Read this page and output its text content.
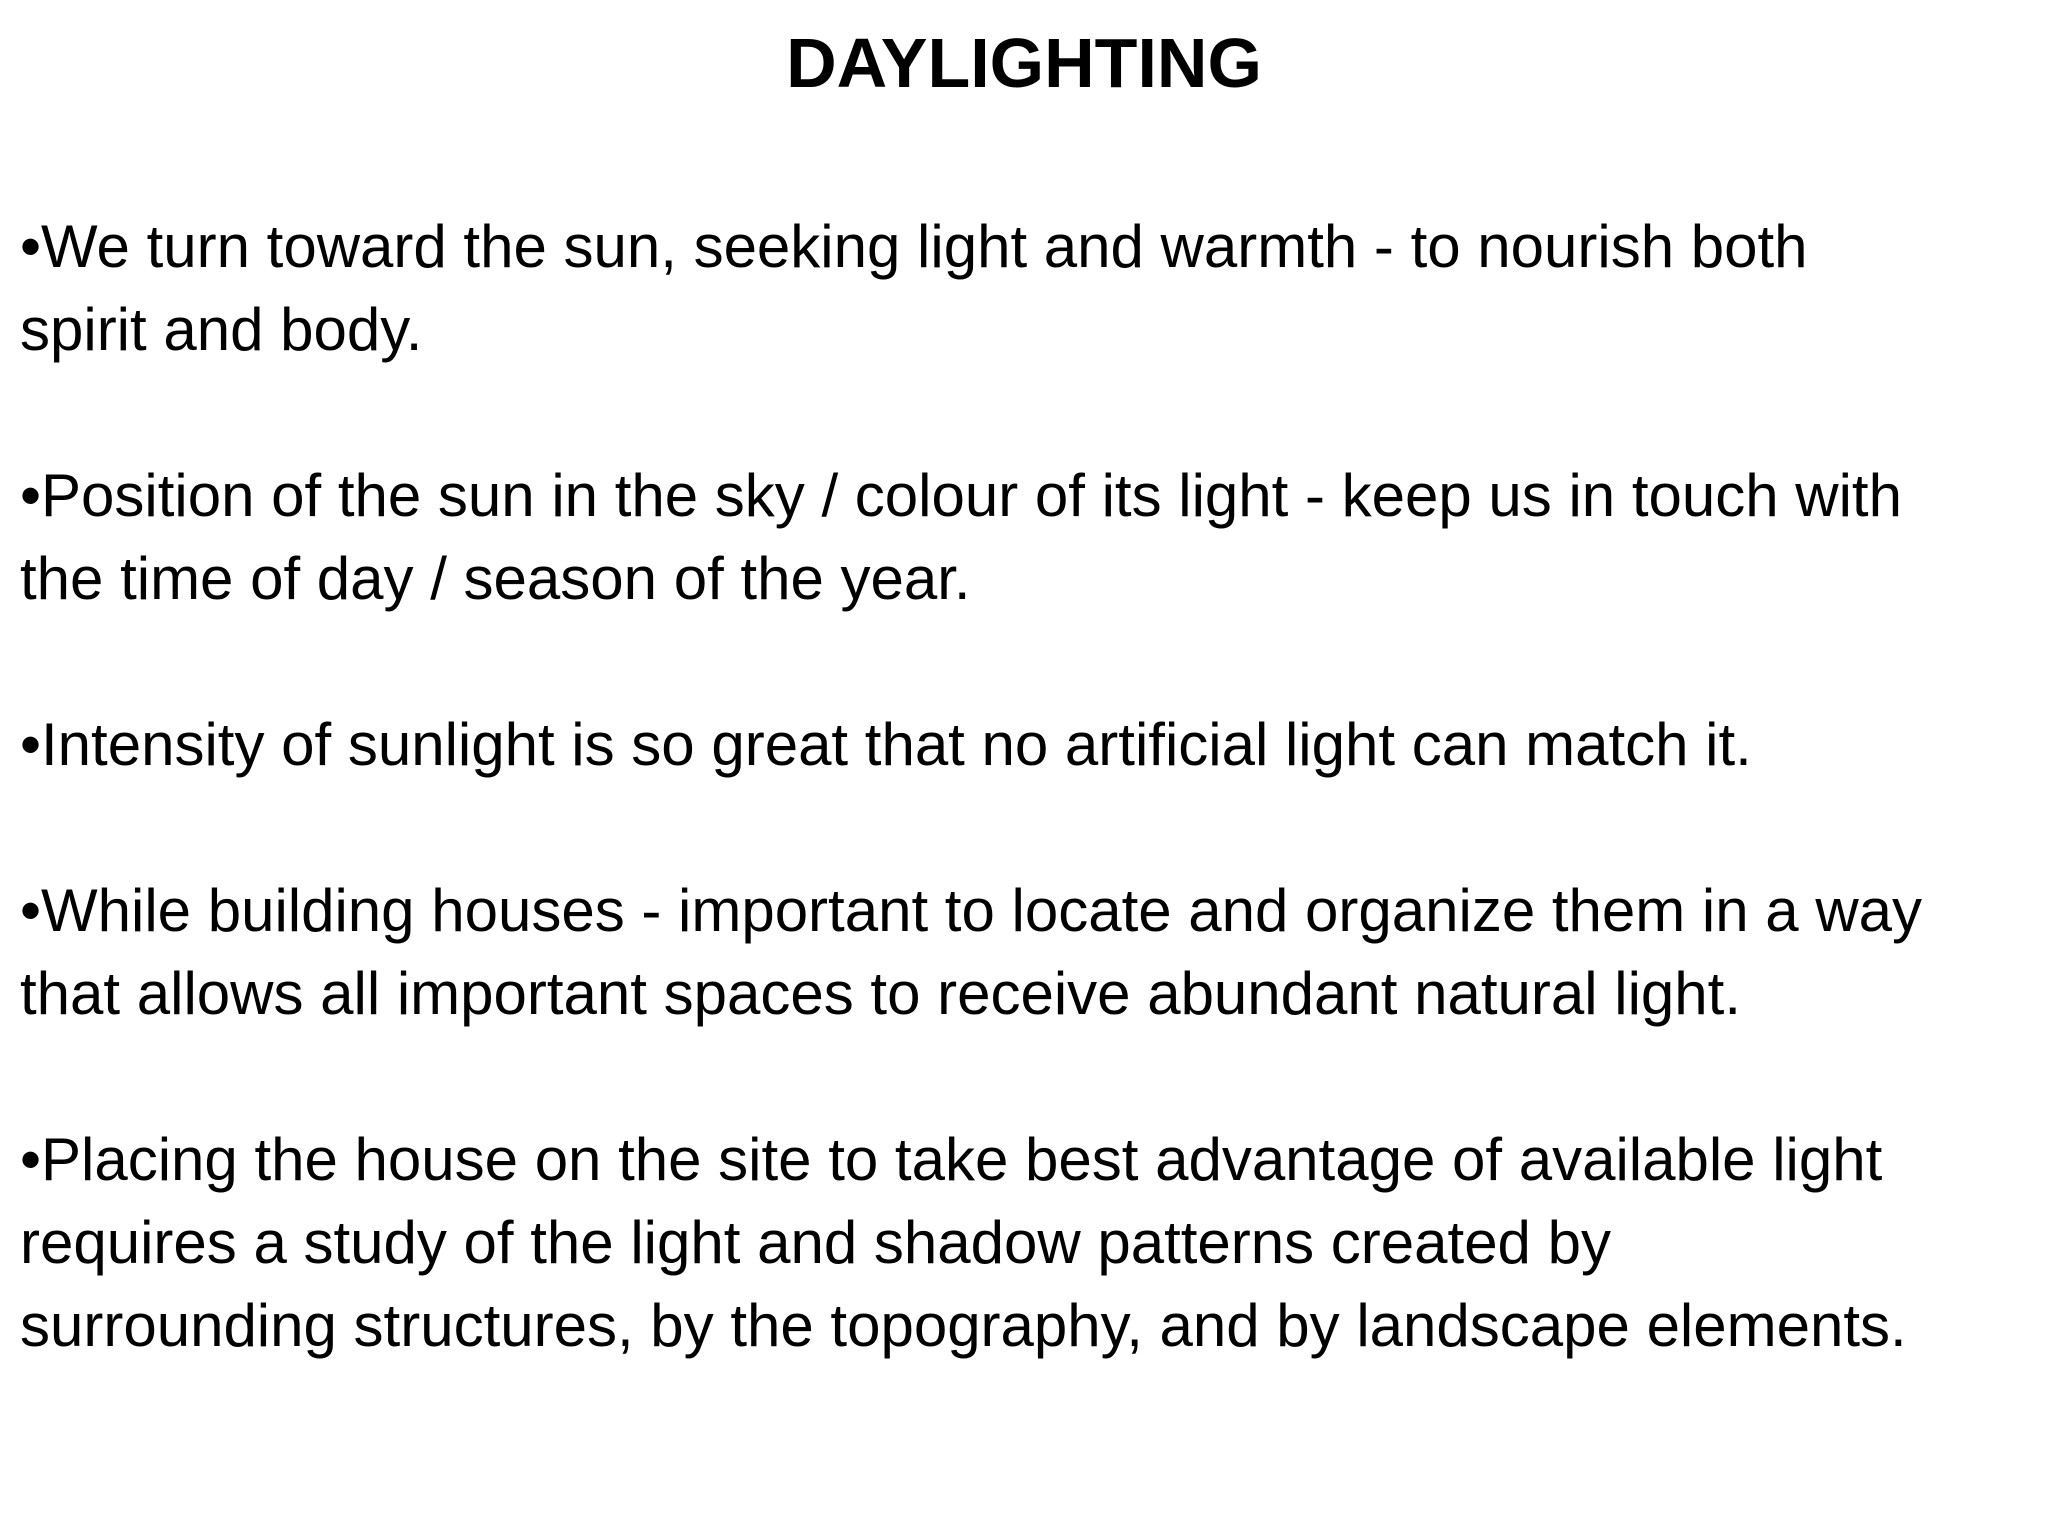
DAYLIGHTING
•We turn toward the sun, seeking light and warmth - to nourish both
spirit and body.
•Position of the sun in the sky / colour of its light - keep us in touch with
the time of day / season of the year.
•Intensity of sunlight is so great that no artificial light can match it.
•While building houses - important to locate and organize them in a way
that allows all important spaces to receive abundant natural light.
•Placing the house on the site to take best advantage of available light
requires a study of the light and shadow patterns created by
surrounding structures, by the topography, and by landscape elements.
